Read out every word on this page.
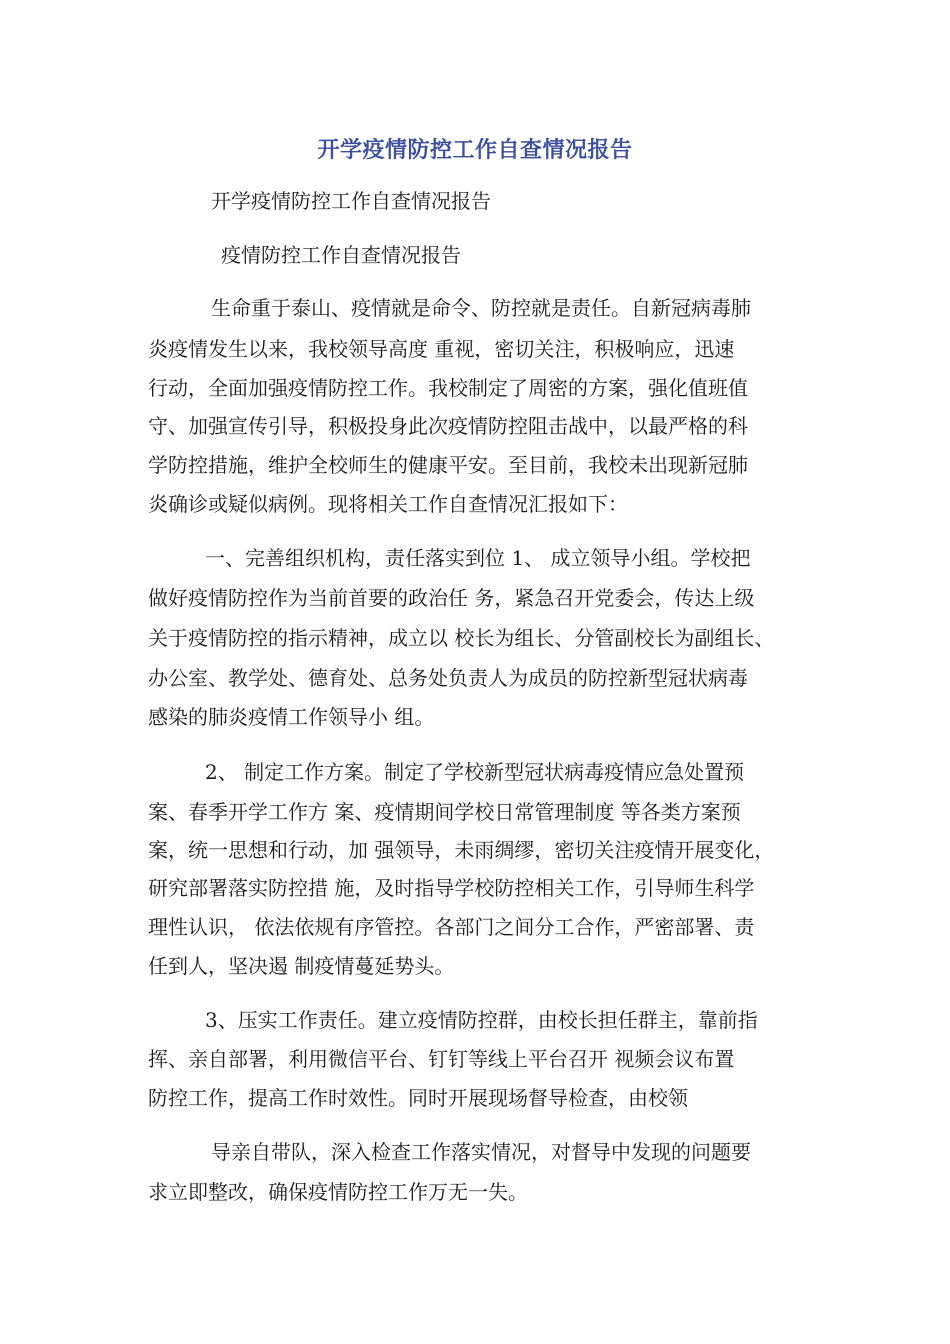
开学疫情防控工作自查情况报告
开学疫情防控工作自查情况报告
疫情防控工作自查情况报告
生命重于泰山、疫情就是命令、防控就是责任。自新冠病毒肺
炎疫情发生以来，我校领导高度 重视，密切关注，积极响应，迅速
行动，全面加强疫情防控工作。我校制定了周密的方案，强化值班值
守、加强宣传引导，积极投身此次疫情防控阻击战中，以最严格的科
学防控措施，维护全校师生的健康平安。至目前，我校未出现新冠肺
炎确诊或疑似病例。现将相关工作自查情况汇报如下：
一、完善组织机构，责任落实到位 1、 成立领导小组。学校把
做好疫情防控作为当前首要的政治任 务，紧急召开党委会，传达上级
关于疫情防控的指示精神，成立以 校长为组长、分管副校长为副组长、
办公室、教学处、德育处、总务处负责人为成员的防控新型冠状病毒
感染的肺炎疫情工作领导小 组。
2、 制定工作方案。制定了学校新型冠状病毒疫情应急处置预
案、春季开学工作方 案、疫情期间学校日常管理制度 等各类方案预
案，统一思想和行动，加 强领导，未雨绸缪，密切关注疫情开展变化，
研究部署落实防控措 施，及时指导学校防控相关工作，引导师生科学
理性认识， 依法依规有序管控。各部门之间分工合作，严密部署、责
任到人，坚决遏 制疫情蔓延势头。
3、压实工作责任。建立疫情防控群，由校长担任群主，靠前指
挥、亲自部署，利用微信平台、钉钉等线上平台召开 视频会议布置
防控工作，提高工作时效性。同时开展现场督导检查，由校领
导亲自带队，深入检查工作落实情况，对督导中发现的问题要
求立即整改，确保疫情防控工作万无一失。
